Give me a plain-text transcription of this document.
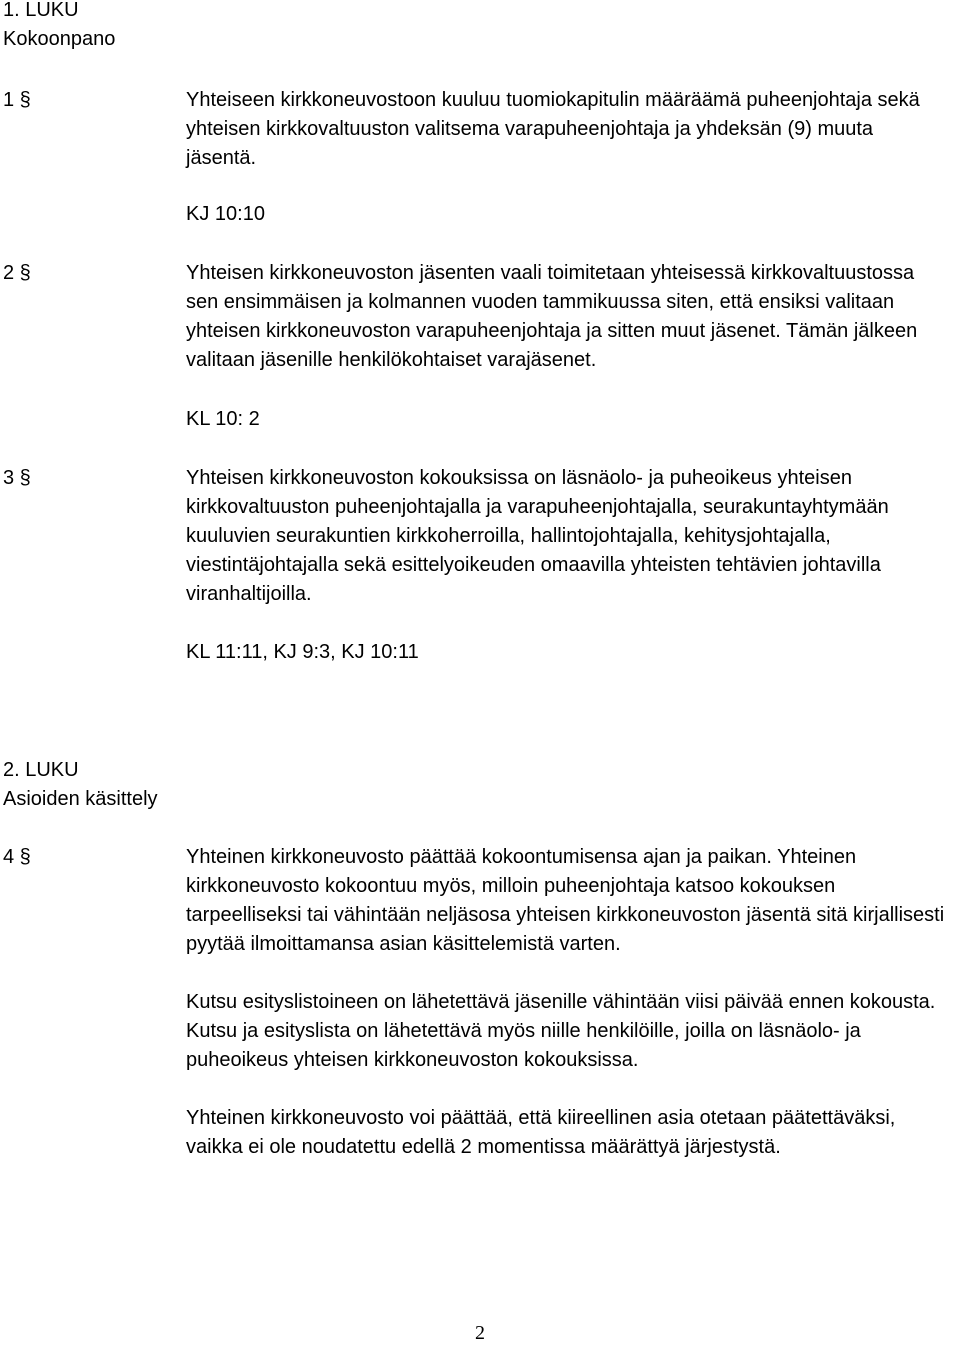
1. LUKU
Kokoonpano
1 §	Yhteiseen kirkkoneuvostoon kuuluu tuomiokapitulin määräämä puheenjohtaja sekä yhteisen kirkkovaltuuston valitsema varapuheenjohtaja ja yhdeksän (9) muuta jäsentä.

KJ 10:10
2 §	Yhteisen kirkkoneuvoston jäsenten vaali toimitetaan yhteisessä kirkkovaltuustossa sen ensimmäisen ja kolmannen vuoden tammikuussa siten, että ensiksi valitaan yhteisen kirkkoneuvoston varapuheenjohtaja ja sitten muut jäsenet. Tämän jälkeen valitaan jäsenille henkilökohtaiset varajäsenet.

KL 10: 2
3 §	Yhteisen kirkkoneuvoston kokouksissa on läsnäolo- ja puheoikeus yhteisen kirkkovaltuuston puheenjohtajalla ja varapuheenjohtajalla, seurakuntayhtymään kuuluvien seurakuntien kirkkoherroilla, hallintojohtajalla, kehitysjohtajalla, viestintäjohtajalla sekä esittelyoikeuden omaavilla yhteisten tehtävien johtavilla viranhaltijoilla.

KL 11:11, KJ 9:3, KJ 10:11
2. LUKU
Asioiden käsittely
4 §	Yhteinen kirkkoneuvosto päättää kokoontumisensa ajan ja paikan. Yhteinen kirkkoneuvosto kokoontuu myös, milloin puheenjohtaja katsoo kokouksen tarpeelliseksi tai vähintään neljäsosa yhteisen kirkkoneuvoston jäsentä sitä kirjallisesti pyytää ilmoittamansa asian käsittelemistä varten.

Kutsu esityslistoineen on lähetettävä jäsenille vähintään viisi päivää ennen kokousta. Kutsu ja esityslista on lähetettävä myös niille henkilöille, joilla on läsnäolo- ja puheoikeus yhteisen kirkkoneuvoston kokouksissa.

Yhteinen kirkkoneuvosto voi päättää, että kiireellinen asia otetaan päätettäväksi, vaikka ei ole noudatettu edellä 2 momentissa määrättyä järjestystä.

2
